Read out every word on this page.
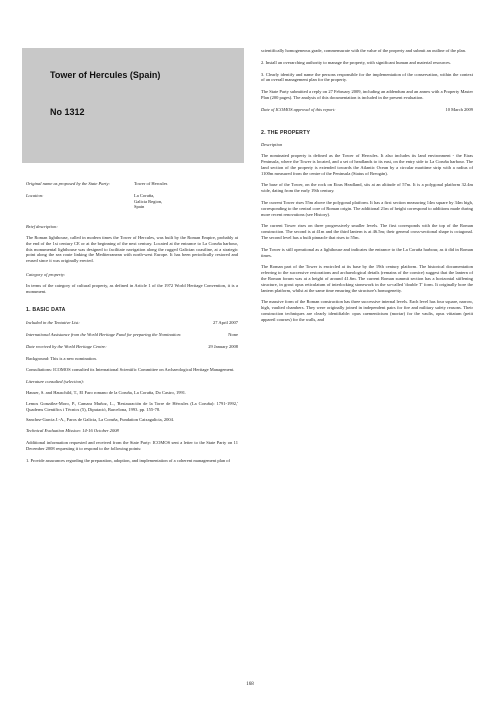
Tower of Hercules (Spain)
No 1312
Original name as proposed by the State Party:	Tower of Hercules
Location:	La Coruña,
Galicia Region,
Spain
Brief description:

The Roman lighthouse, called in modern times the Tower of Hercules, was built by the Roman Empire, probably at the end of the 1st century CE or at the beginning of the next century. Located at the entrance to La Coruña harbour, this monumental lighthouse was designed to facilitate navigation along the rugged Galician coastline, at a strategic point along the sea route linking the Mediterranean with north-west Europe. It has been periodically restored and reused since it was originally erected.

Category of property:

In terms of the category of cultural property, as defined in Article 1 of the 1972 World Heritage Convention, it is a monument.

1. BASIC DATA
Included in the Tentative List:	27 April 2007
International Assistance from the World Heritage Fund for preparing the Nomination:	None
Date received by the World Heritage Centre:	29 January 2008

Background: This is a new nomination.

Consultations: ICOMOS consulted its International Scientific Committee on Archaeological Heritage Management.

Literature consulted (selection):

Hauser, S. and Hauschild, T., El Faro romano de la Coruña, La Coruña, Do Castro, 1991.

Lemos González-Moro, P., Camara Muñoz, L., 'Restauración de la Torre de Hércules (La Coruña): 1791-1992,' Quaderns Científics i Tècnics (5), Diputació, Barcelona, 1993. pp. 155-78.

Sanchez-Garcia J.-A., Faros de Galicia, La Coruña, Fundation Caixagalicia, 2004.

Technical Evaluation Mission: 14-16 October 2008

Additional information requested and received from the State Party: ICOMOS sent a letter to the State Party on 11 December 2008 requesting it to respond to the following points:

1. Provide assurances regarding the preparation, adoption, and implementation of a coherent management plan of

scientifically homogeneous grade, commensurate with the value of the property and submit an outline of the plan.

2. Install an overarching authority to manage the property, with significant human and material resources.

3. Clearly identify and name the persons responsible for the implementation of the conservation, within the context of an overall management plan for the property.

The State Party submitted a reply on 27 February 2009, including an addendum and an annex with a Property Master Plan (200 pages). The analysis of this documentation is included in the present evaluation.

Date of ICOMOS approval of this report:	10 March 2009
2. THE PROPERTY
Description

The nominated property is defined as the Tower of Hercules. It also includes its land environment - the Eiras Peninsula, where the Tower is located, and a set of headlands to its east, on the entry side to La Coruña harbour. The land section of the property is extended towards the Atlantic Ocean by a circular maritime strip with a radius of 1100m measured from the centre of the Peninsula (Status of Breogán).

The base of the Tower, on the rock on Eiras Headland, sits at an altitude of 57m. It is a polygonal platform 32.4m wide, dating from the early 19th century.

The current Tower rises 55m above the polygonal platform. It has a first section measuring 14m square by 34m high, corresponding to the central core of Roman origin. The additional 21m of height correspond to additions made during more recent renovations (see History).

The current Tower rises on three progressively smaller levels. The first corresponds with the top of the Roman construction. The second is at 41m and the third lantern is at 46.5m; their general cross-sectional shape is octagonal. The second level has a built pinnacle that rises to 55m.

The Tower is still operational as a lighthouse and indicates the entrance to the La Coruña harbour, as it did in Roman times.

The Roman part of the Tower is encircled at its base by the 19th century platform. The historical documentation referring to the successive restorations and archaeological details (remains of the cornice) suggest that the lantern of the Roman forum was at a height of around 41.6m. The current Roman summit section has a horizontal stiffening structure, in grout opus reticulatum of interlocking stonework in the so-called 'double T' form. It originally bore the lantern platform, whilst at the same time ensuring the structure's homogeneity.

The massive form of the Roman construction has three successive internal levels. Each level has four square, narrow, high, vaulted chambers. They were originally joined in independent pairs for fire and military safety reasons. Their construction techniques are clearly identifiable: opus caementicium (mortar) for the vaults, opus vittatum (petit appareil courses) for the walls, and

168
